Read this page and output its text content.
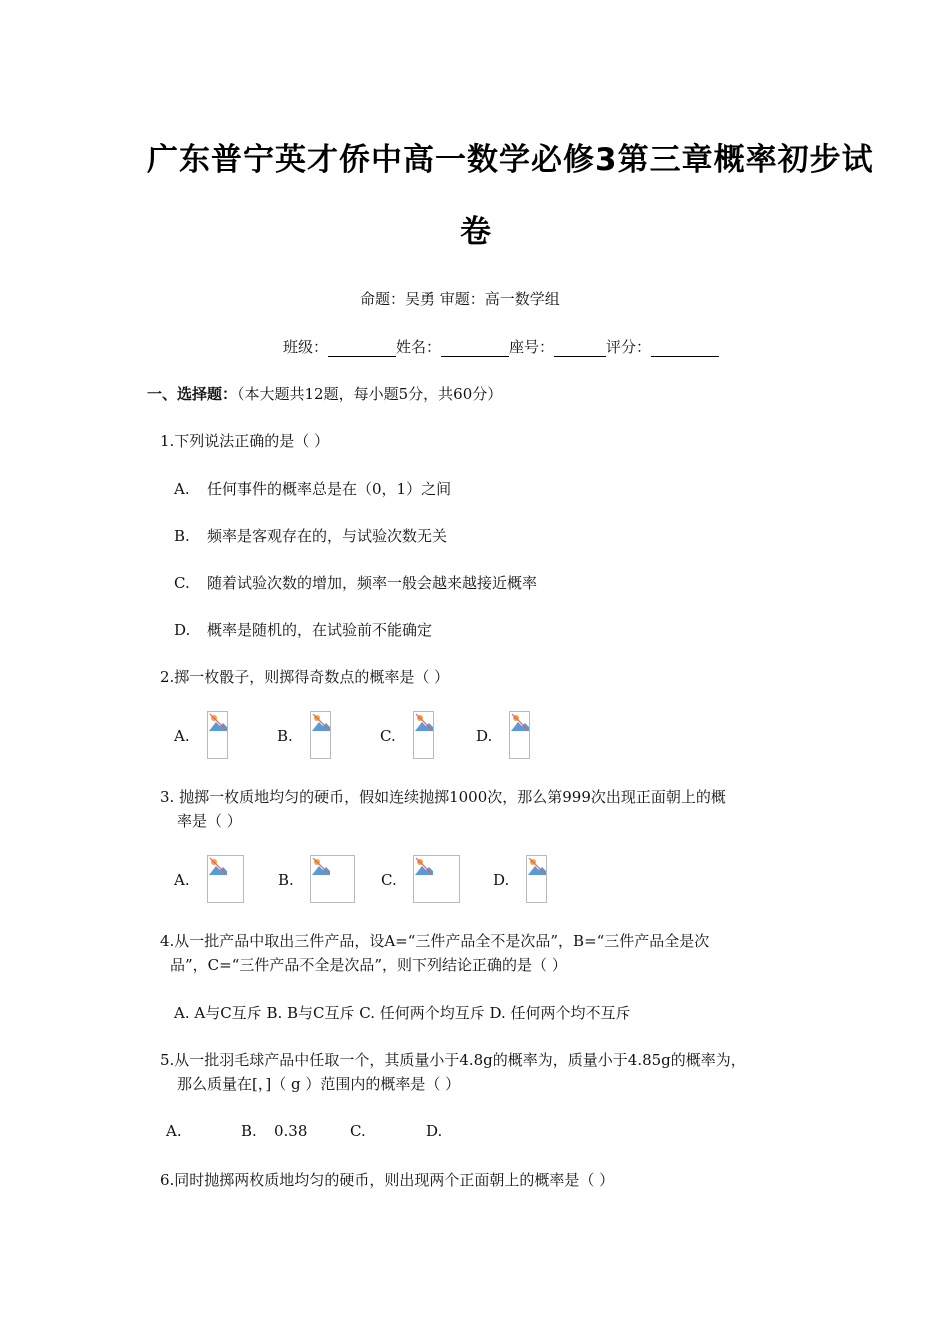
广东普宁英才侨中高一数学必修3第三章概率初步试
卷
命题：吴勇 审题：高一数学组
班级：	姓名：	座号：	评分：
一、选择题：（本大题共12题，每小题5分，共60分）
1.下列说法正确的是（ ）
A. 任何事件的概率总是在（0，1）之间
B. 频率是客观存在的，与试验次数无关
C. 随着试验次数的增加，频率一般会越来越接近概率
D. 概率是随机的，在试验前不能确定
2.掷一枚骰子，则掷得奇数点的概率是（ ）
A.	B.	C.	D.
3. 抛掷一枚质地均匀的硬币，假如连续抛掷1000次，那么第999次出现正面朝上的概
率是（ ）
A.	B.	C.	D.
4.从一批产品中取出三件产品，设A=“三件产品全不是次品”，B=“三件产品全是次
品”，C=“三件产品不全是次品”，则下列结论正确的是（ ）
A. A与C互斥 B. B与C互斥 C. 任何两个均互斥 D. 任何两个均不互斥
5.从一批羽毛球产品中任取一个，其质量小于4.8g的概率为，质量小于4.85g的概率为，
那么质量在[，]（ g ）范围内的概率是（ ）
A.	B. 0.38	C.	D.
6.同时抛掷两枚质地均匀的硬币，则出现两个正面朝上的概率是（ ）
